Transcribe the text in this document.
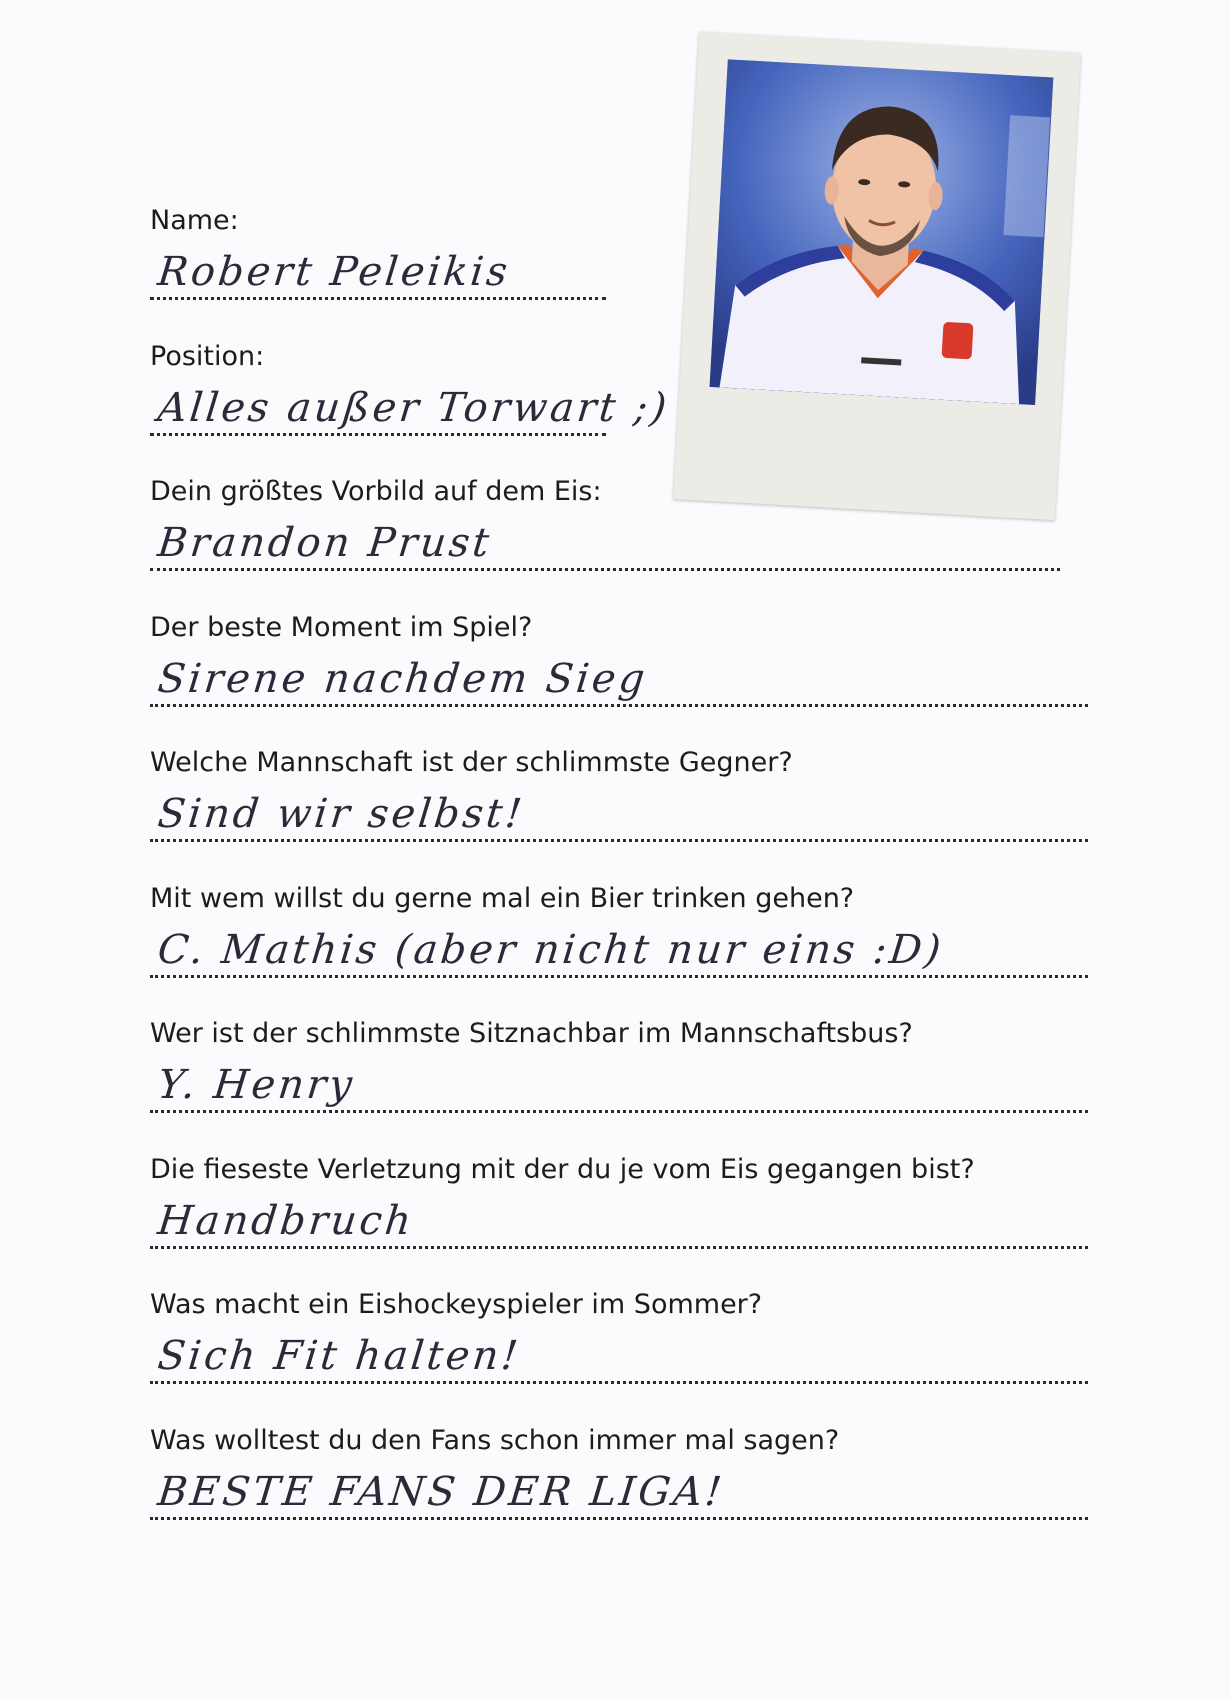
Name:
Robert Peleikis
Position:
Alles außer Torwart ;)
Dein größtes Vorbild auf dem Eis:
Brandon Prust
Der beste Moment im Spiel?
Sirene nachdem Sieg
Welche Mannschaft ist der schlimmste Gegner?
Sind wir selbst!
Mit wem willst du gerne mal ein Bier trinken gehen?
C. Mathis (aber nicht nur eins :D)
Wer ist der schlimmste Sitznachbar im Mannschaftsbus?
Y. Henry
Die fieseste Verletzung mit der du je vom Eis gegangen bist?
Handbruch
Was macht ein Eishockeyspieler im Sommer?
Sich Fit halten!
Was wolltest du den Fans schon immer mal sagen?
BESTE FANS DER LIGA!
